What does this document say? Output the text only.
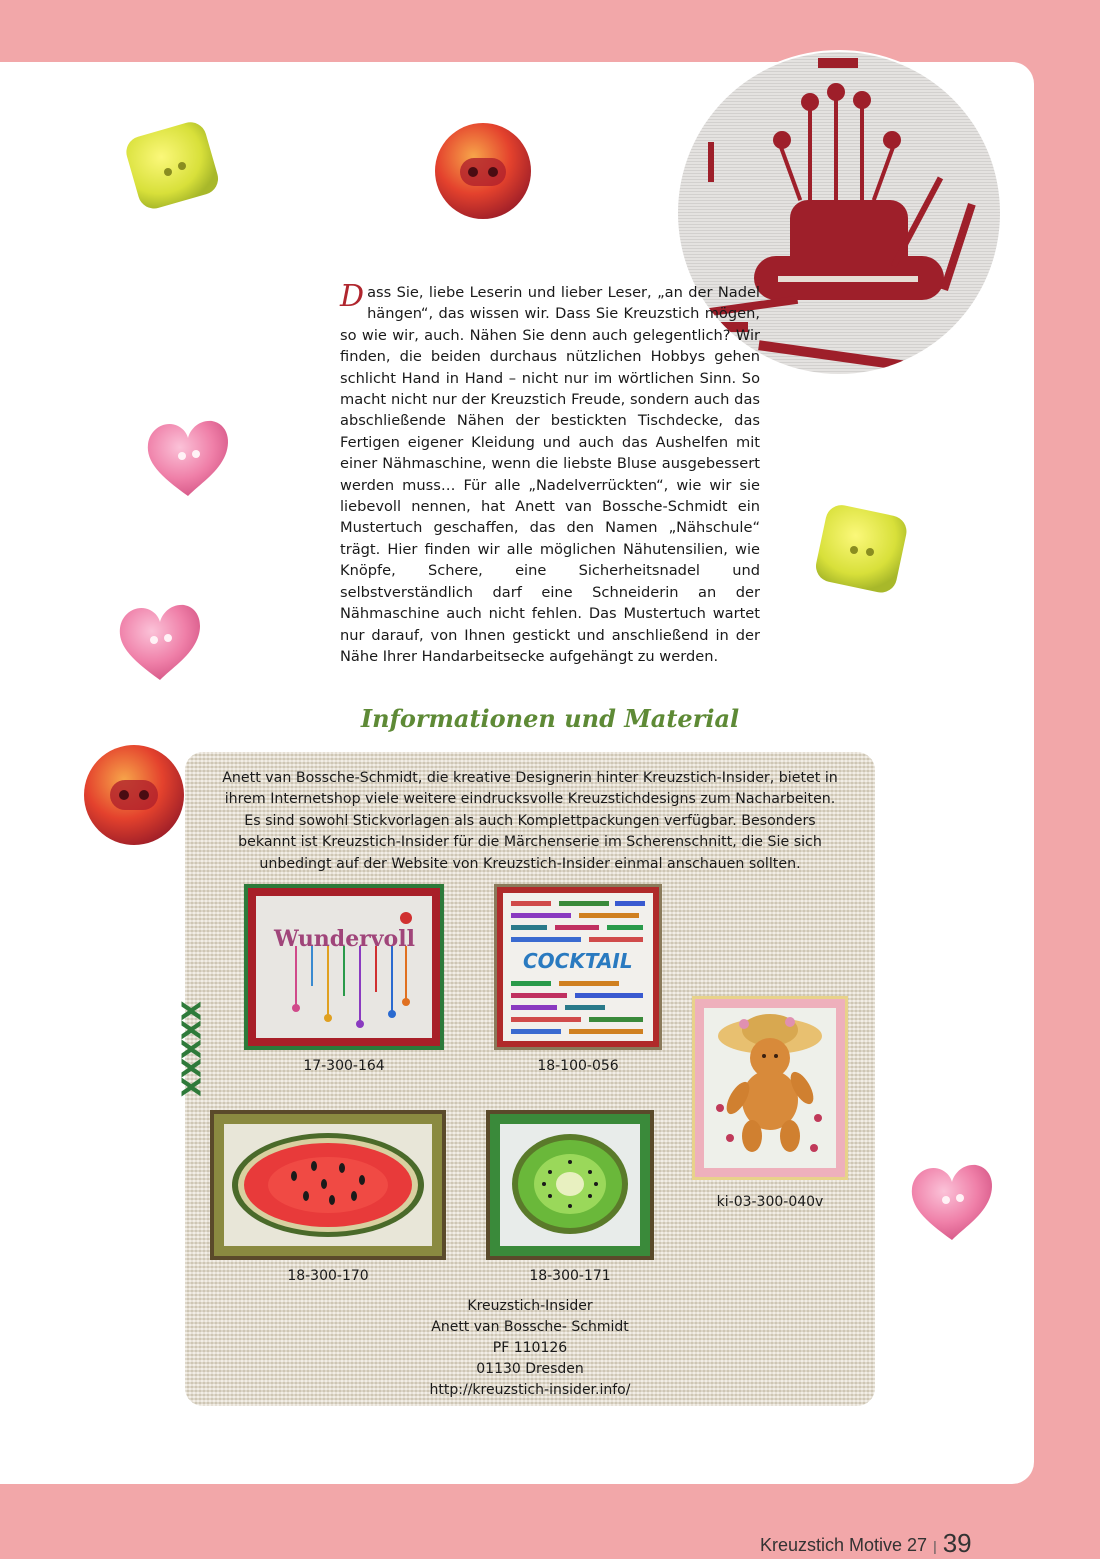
Dass Sie, liebe Leserin und lieber Leser, „an der Nadel hängen“, das wissen wir. Dass Sie Kreuzstich mögen, so wie wir, auch. Nähen Sie denn auch gelegentlich? Wir finden, die beiden durchaus nützlichen Hobbys gehen schlicht Hand in Hand – nicht nur im wörtlichen Sinn. So macht nicht nur der Kreuzstich Freude, sondern auch das abschließende Nähen der bestickten Tischdecke, das Fertigen eigener Kleidung und auch das Aushelfen mit einer Nähmaschine, wenn die liebste Bluse ausgebessert werden muss… Für alle „Nadelverrückten“, wie wir sie liebevoll nennen, hat Anett van Bossche-Schmidt ein Mustertuch geschaffen, das den Namen „Nähschule“ trägt. Hier finden wir alle möglichen Nähutensilien, wie Knöpfe, Schere, eine Sicherheitsnadel und selbstverständlich darf eine Schneiderin an der Nähmaschine auch nicht fehlen. Das Mustertuch wartet nur darauf, von Ihnen gestickt und anschließend in der Nähe Ihrer Handarbeitsecke aufgehängt zu werden.
Informationen und Material
Anett van Bossche-Schmidt, die kreative Designerin hinter Kreuzstich-Insider, bietet in ihrem Internetshop viele weitere eindrucksvolle Kreuzstichdesigns zum Nacharbeiten. Es sind sowohl Stickvorlagen als auch Komplettpackungen verfügbar. Besonders bekannt ist Kreuzstich-Insider für die Märchenserie im Scherenschnitt, die Sie sich unbedingt auf der Website von Kreuzstich-Insider einmal anschauen sollten.
XXXXX
Wundervoll
17-300-164
COCKTAIL
18-100-056
ki-03-300-040v
18-300-170	18-300-171
Kreuzstich-Insider
Anett van Bossche- Schmidt
PF 110126
01130 Dresden
http://kreuzstich-insider.info/
Kreuzstich Motive 27 | 39
